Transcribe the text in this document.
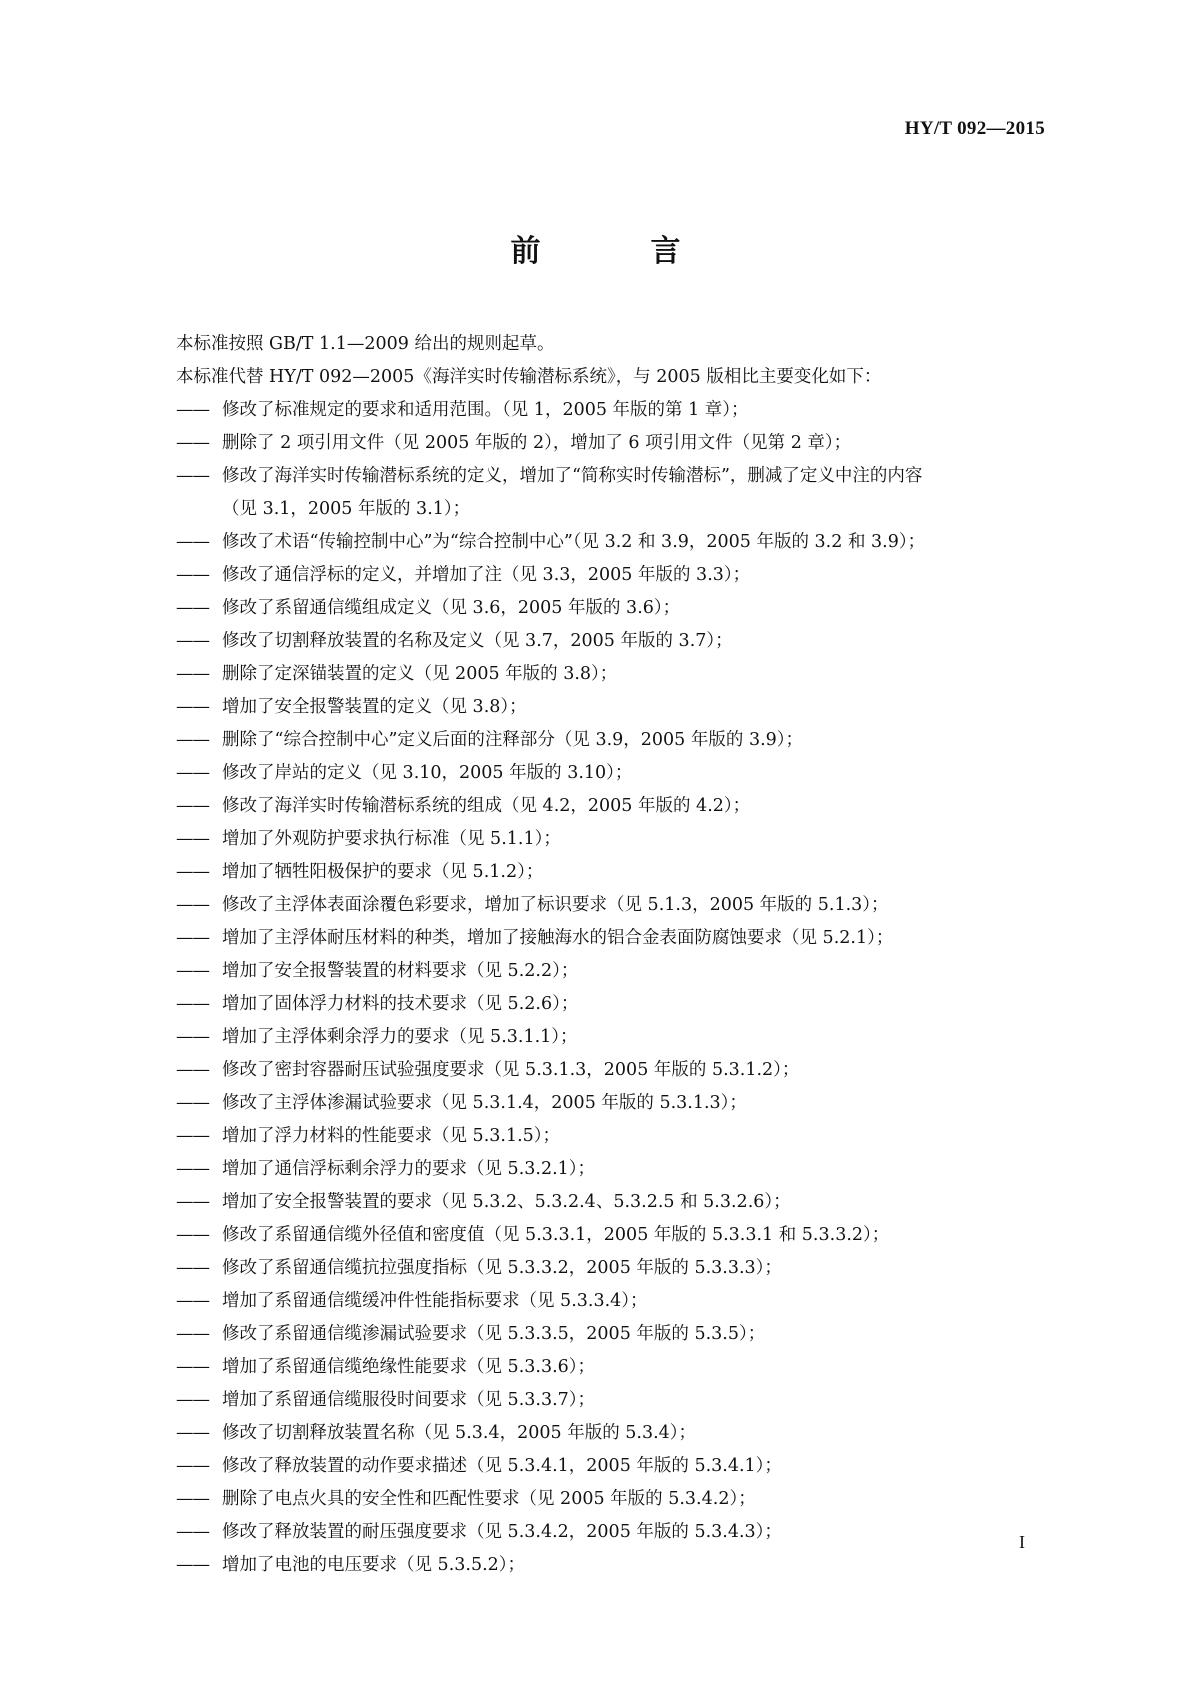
HY/T 092—2015
前　言
本标准按照 GB/T 1.1—2009 给出的规则起草。
本标准代替 HY/T 092—2005《海洋实时传输潜标系统》，与 2005 版相比主要变化如下：
—— 修改了标准规定的要求和适用范围。（见 1，2005 年版的第 1 章）；
—— 删除了 2 项引用文件（见 2005 年版的 2），增加了 6 项引用文件（见第 2 章）；
—— 修改了海洋实时传输潜标系统的定义，增加了“简称实时传输潜标”，删减了定义中注的内容
（见 3.1，2005 年版的 3.1）；
—— 修改了术语“传输控制中心”为“综合控制中心”（见 3.2 和 3.9，2005 年版的 3.2 和 3.9）；
—— 修改了通信浮标的定义，并增加了注（见 3.3，2005 年版的 3.3）；
—— 修改了系留通信缆组成定义（见 3.6，2005 年版的 3.6）；
—— 修改了切割释放装置的名称及定义（见 3.7，2005 年版的 3.7）；
—— 删除了定深锚装置的定义（见 2005 年版的 3.8）；
—— 增加了安全报警装置的定义（见 3.8）；
—— 删除了“综合控制中心”定义后面的注释部分（见 3.9，2005 年版的 3.9）；
—— 修改了岸站的定义（见 3.10，2005 年版的 3.10）；
—— 修改了海洋实时传输潜标系统的组成（见 4.2，2005 年版的 4.2）；
—— 增加了外观防护要求执行标准（见 5.1.1）；
—— 增加了牺牲阳极保护的要求（见 5.1.2）；
—— 修改了主浮体表面涂覆色彩要求，增加了标识要求（见 5.1.3，2005 年版的 5.1.3）；
—— 增加了主浮体耐压材料的种类，增加了接触海水的铝合金表面防腐蚀要求（见 5.2.1）；
—— 增加了安全报警装置的材料要求（见 5.2.2）；
—— 增加了固体浮力材料的技术要求（见 5.2.6）；
—— 增加了主浮体剩余浮力的要求（见 5.3.1.1）；
—— 修改了密封容器耐压试验强度要求（见 5.3.1.3，2005 年版的 5.3.1.2）；
—— 修改了主浮体渗漏试验要求（见 5.3.1.4，2005 年版的 5.3.1.3）；
—— 增加了浮力材料的性能要求（见 5.3.1.5）；
—— 增加了通信浮标剩余浮力的要求（见 5.3.2.1）；
—— 增加了安全报警装置的要求（见 5.3.2、5.3.2.4、5.3.2.5 和 5.3.2.6）；
—— 修改了系留通信缆外径值和密度值（见 5.3.3.1，2005 年版的 5.3.3.1 和 5.3.3.2）；
—— 修改了系留通信缆抗拉强度指标（见 5.3.3.2，2005 年版的 5.3.3.3）；
—— 增加了系留通信缆缓冲件性能指标要求（见 5.3.3.4）；
—— 修改了系留通信缆渗漏试验要求（见 5.3.3.5，2005 年版的 5.3.5）；
—— 增加了系留通信缆绝缘性能要求（见 5.3.3.6）；
—— 增加了系留通信缆服役时间要求（见 5.3.3.7）；
—— 修改了切割释放装置名称（见 5.3.4，2005 年版的 5.3.4）；
—— 修改了释放装置的动作要求描述（见 5.3.4.1，2005 年版的 5.3.4.1）；
—— 删除了电点火具的安全性和匹配性要求（见 2005 年版的 5.3.4.2）；
—— 修改了释放装置的耐压强度要求（见 5.3.4.2，2005 年版的 5.3.4.3）；
—— 增加了电池的电压要求（见 5.3.5.2）；
I
